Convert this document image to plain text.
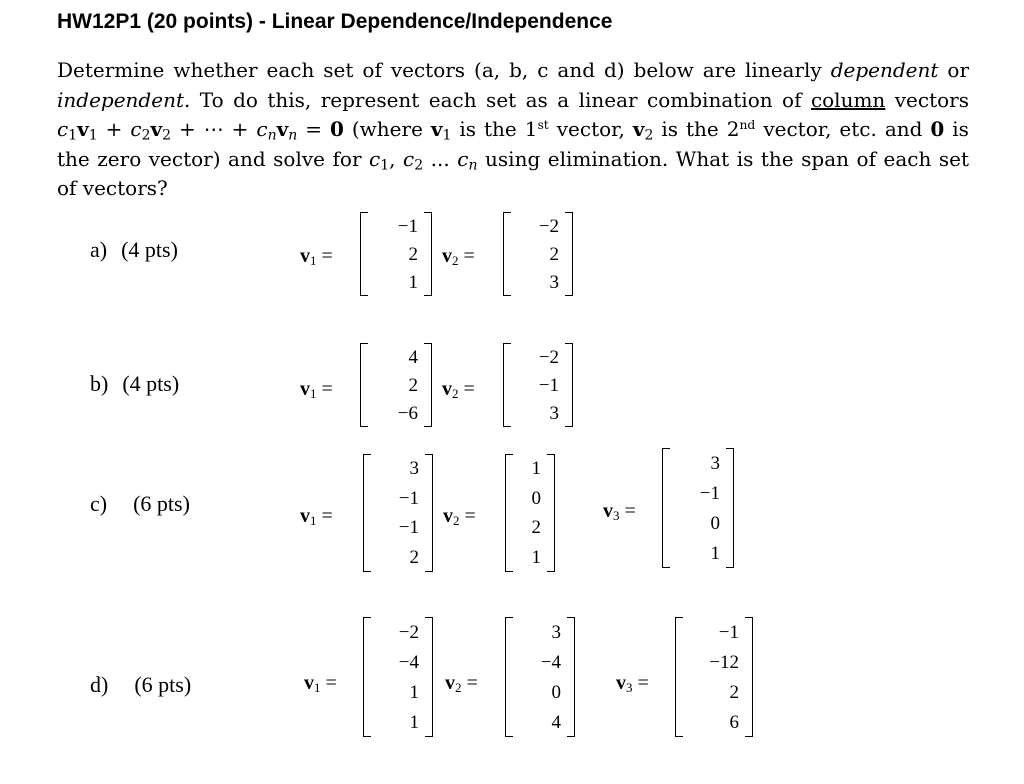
HW12P1 (20 points) - Linear Dependence/Independence
Determine whether each set of vectors (a, b, c and d) below are linearly dependent or independent. To do this, represent each set as a linear combination of column vectors $c_1v_1 + c_2v_2$ + ⋯ + $c_nv_n = 0$ (where $v_1$ is the 1st vector, $v_2$ is the 2nd vector, etc. and 0 is the zero vector) and solve for $c_1$, $c_2$ ... $c_n$ using elimination. What is the span of each set of vectors?
a) (4 pts)	$v_1$ =
−1
2
1
$v_2$ =
−2
2
3
b) (4 pts)	$v_1$ =
4
2
−6
$v_2$ =
−2
−1
3
c) (6 pts)	$v_1$ =
3
−1
−1
2
$v_2$ =
1
0
2
1
$v_3$ =
3
−1
0
1
d) (6 pts)	$v_1$ =
−2
−4
1
1
$v_2$ =
3
−4
0
4
$v_3$ =
−1
−12
2
6
